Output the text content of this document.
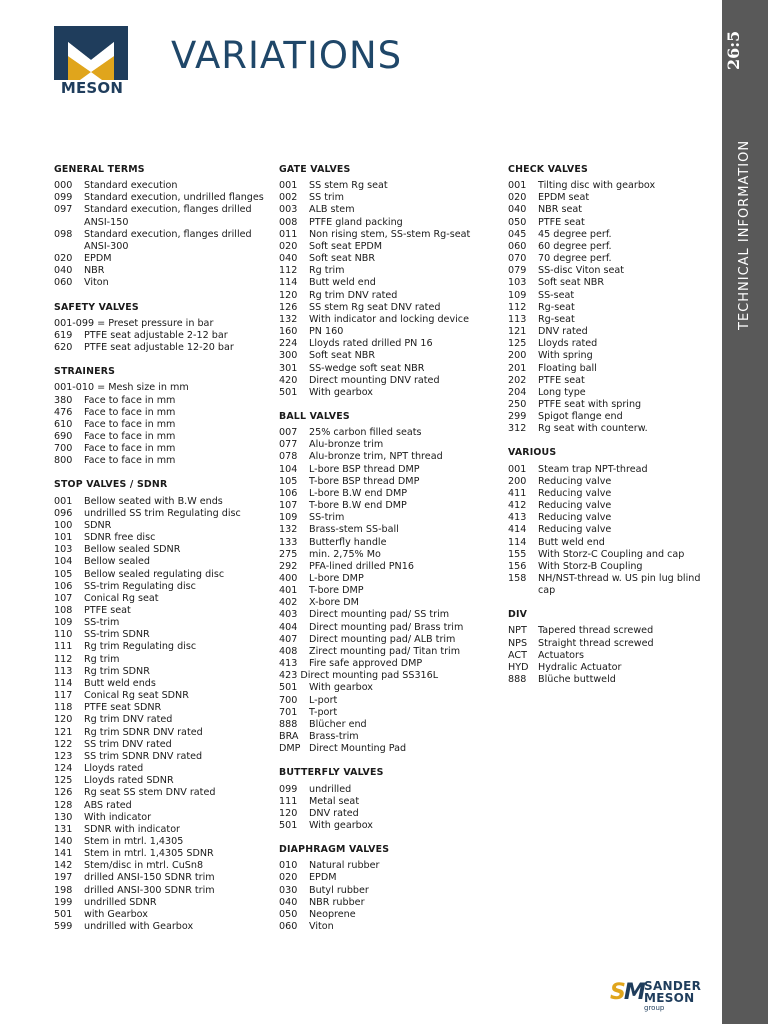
MESON
VARIATIONS	26:5
TECHNICAL INFORMATION
GENERAL TERMS
000	Standard execution
099	Standard execution, undrilled flanges
097	Standard execution, flanges drilled ANSI-150
098	Standard execution, flanges drilled ANSI-300
020	EPDM
040	NBR
060	Viton
SAFETY VALVES
001-099 = Preset pressure in bar
619	PTFE seat adjustable 2-12 bar
620	PTFE seat adjustable 12-20 bar
STRAINERS
001-010 = Mesh size in mm
380	Face to face in mm
476	Face to face in mm
610	Face to face in mm
690	Face to face in mm
700	Face to face in mm
800	Face to face in mm
STOP VALVES / SDNR
001	Bellow seated with B.W ends
096	undrilled SS trim Regulating disc
100	SDNR
101	SDNR free disc
103	Bellow sealed SDNR
104	Bellow sealed
105	Bellow sealed regulating disc
106	SS-trim Regulating disc
107	Conical Rg seat
108	PTFE seat
109	SS-trim
110	SS-trim SDNR
111	Rg trim Regulating disc
112	Rg trim
113	Rg trim SDNR
114	Butt weld ends
117	Conical Rg seat SDNR
118	PTFE seat SDNR
120	Rg trim DNV rated
121	Rg trim SDNR DNV rated
122	SS trim DNV rated
123	SS trim SDNR DNV rated
124	Lloyds rated
125	Lloyds rated SDNR
126	Rg seat SS stem DNV rated
128	ABS rated
130	With indicator
131	SDNR with indicator
140	Stem in mtrl. 1,4305
141	Stem in mtrl. 1,4305 SDNR
142	Stem/disc in mtrl. CuSn8
197	drilled ANSI-150 SDNR trim
198	drilled ANSI-300 SDNR trim
199	undrilled SDNR
501	with Gearbox
599	undrilled with Gearbox
GATE VALVES
001	SS stem Rg seat
002	SS trim
003	ALB stem
008	PTFE gland packing
011	Non rising stem, SS-stem Rg-seat
020	Soft seat EPDM
040	Soft seat NBR
112	Rg trim
114	Butt weld end
120	Rg trim DNV rated
126	SS stem Rg seat DNV rated
132	With indicator and locking device
160	PN 160
224	Lloyds rated drilled PN 16
300	Soft seat NBR
301	SS-wedge soft seat NBR
420	Direct mounting DNV rated
501	With gearbox
BALL VALVES
007	25% carbon filled seats
077	Alu-bronze trim
078	Alu-bronze trim, NPT thread
104	L-bore BSP thread DMP
105	T-bore BSP thread DMP
106	L-bore B.W end DMP
107	T-bore B.W end DMP
109	SS-trim
132	Brass-stem SS-ball
133	Butterfly handle
275	min. 2,75% Mo
292	PFA-lined drilled PN16
400	L-bore DMP
401	T-bore DMP
402	X-bore DM
403	Direct mounting pad/ SS trim
404	Direct mounting pad/ Brass trim
407	Direct mounting pad/ ALB trim
408	Zirect mounting pad/ Titan trim
413	Fire safe approved DMP
423 Direct mounting pad SS316L
501	With gearbox
700	L-port
701	T-port
888	Blücher end
BRA	Brass-trim
DMP Direct Mounting Pad
BUTTERFLY VALVES
099	undrilled
111	Metal seat
120	DNV rated
501	With gearbox
DIAPHRAGM VALVES
010	Natural rubber
020	EPDM
030	Butyl rubber
040	NBR rubber
050	Neoprene
060	Viton
CHECK VALVES
001	Tilting disc with gearbox
020	EPDM seat
040	NBR seat
050	PTFE seat
045	45 degree perf.
060	60 degree perf.
070	70 degree perf.
079	SS-disc Viton seat
103	Soft seat NBR
109	SS-seat
112	Rg-seat
113	Rg-seat
121	DNV rated
125	Lloyds rated
200	With spring
201	Floating ball
202	PTFE seat
204	Long type
250	PTFE seat with spring
299	Spigot flange end
312	Rg seat with counterw.
VARIOUS
001	Steam trap NPT-thread
200	Reducing valve
411	Reducing valve
412	Reducing valve
413	Reducing valve
414	Reducing valve
114	Butt weld end
155	With Storz-C Coupling and cap
156	With Storz-B Coupling
158	NH/NST-thread w. US pin lug blind cap
DIV
NPT	Tapered thread screwed
NPS	Straight thread screwed
ACT	Actuators
HYD Hydralic Actuator
888	Blüche buttweld
SM SANDER
MESON
group
